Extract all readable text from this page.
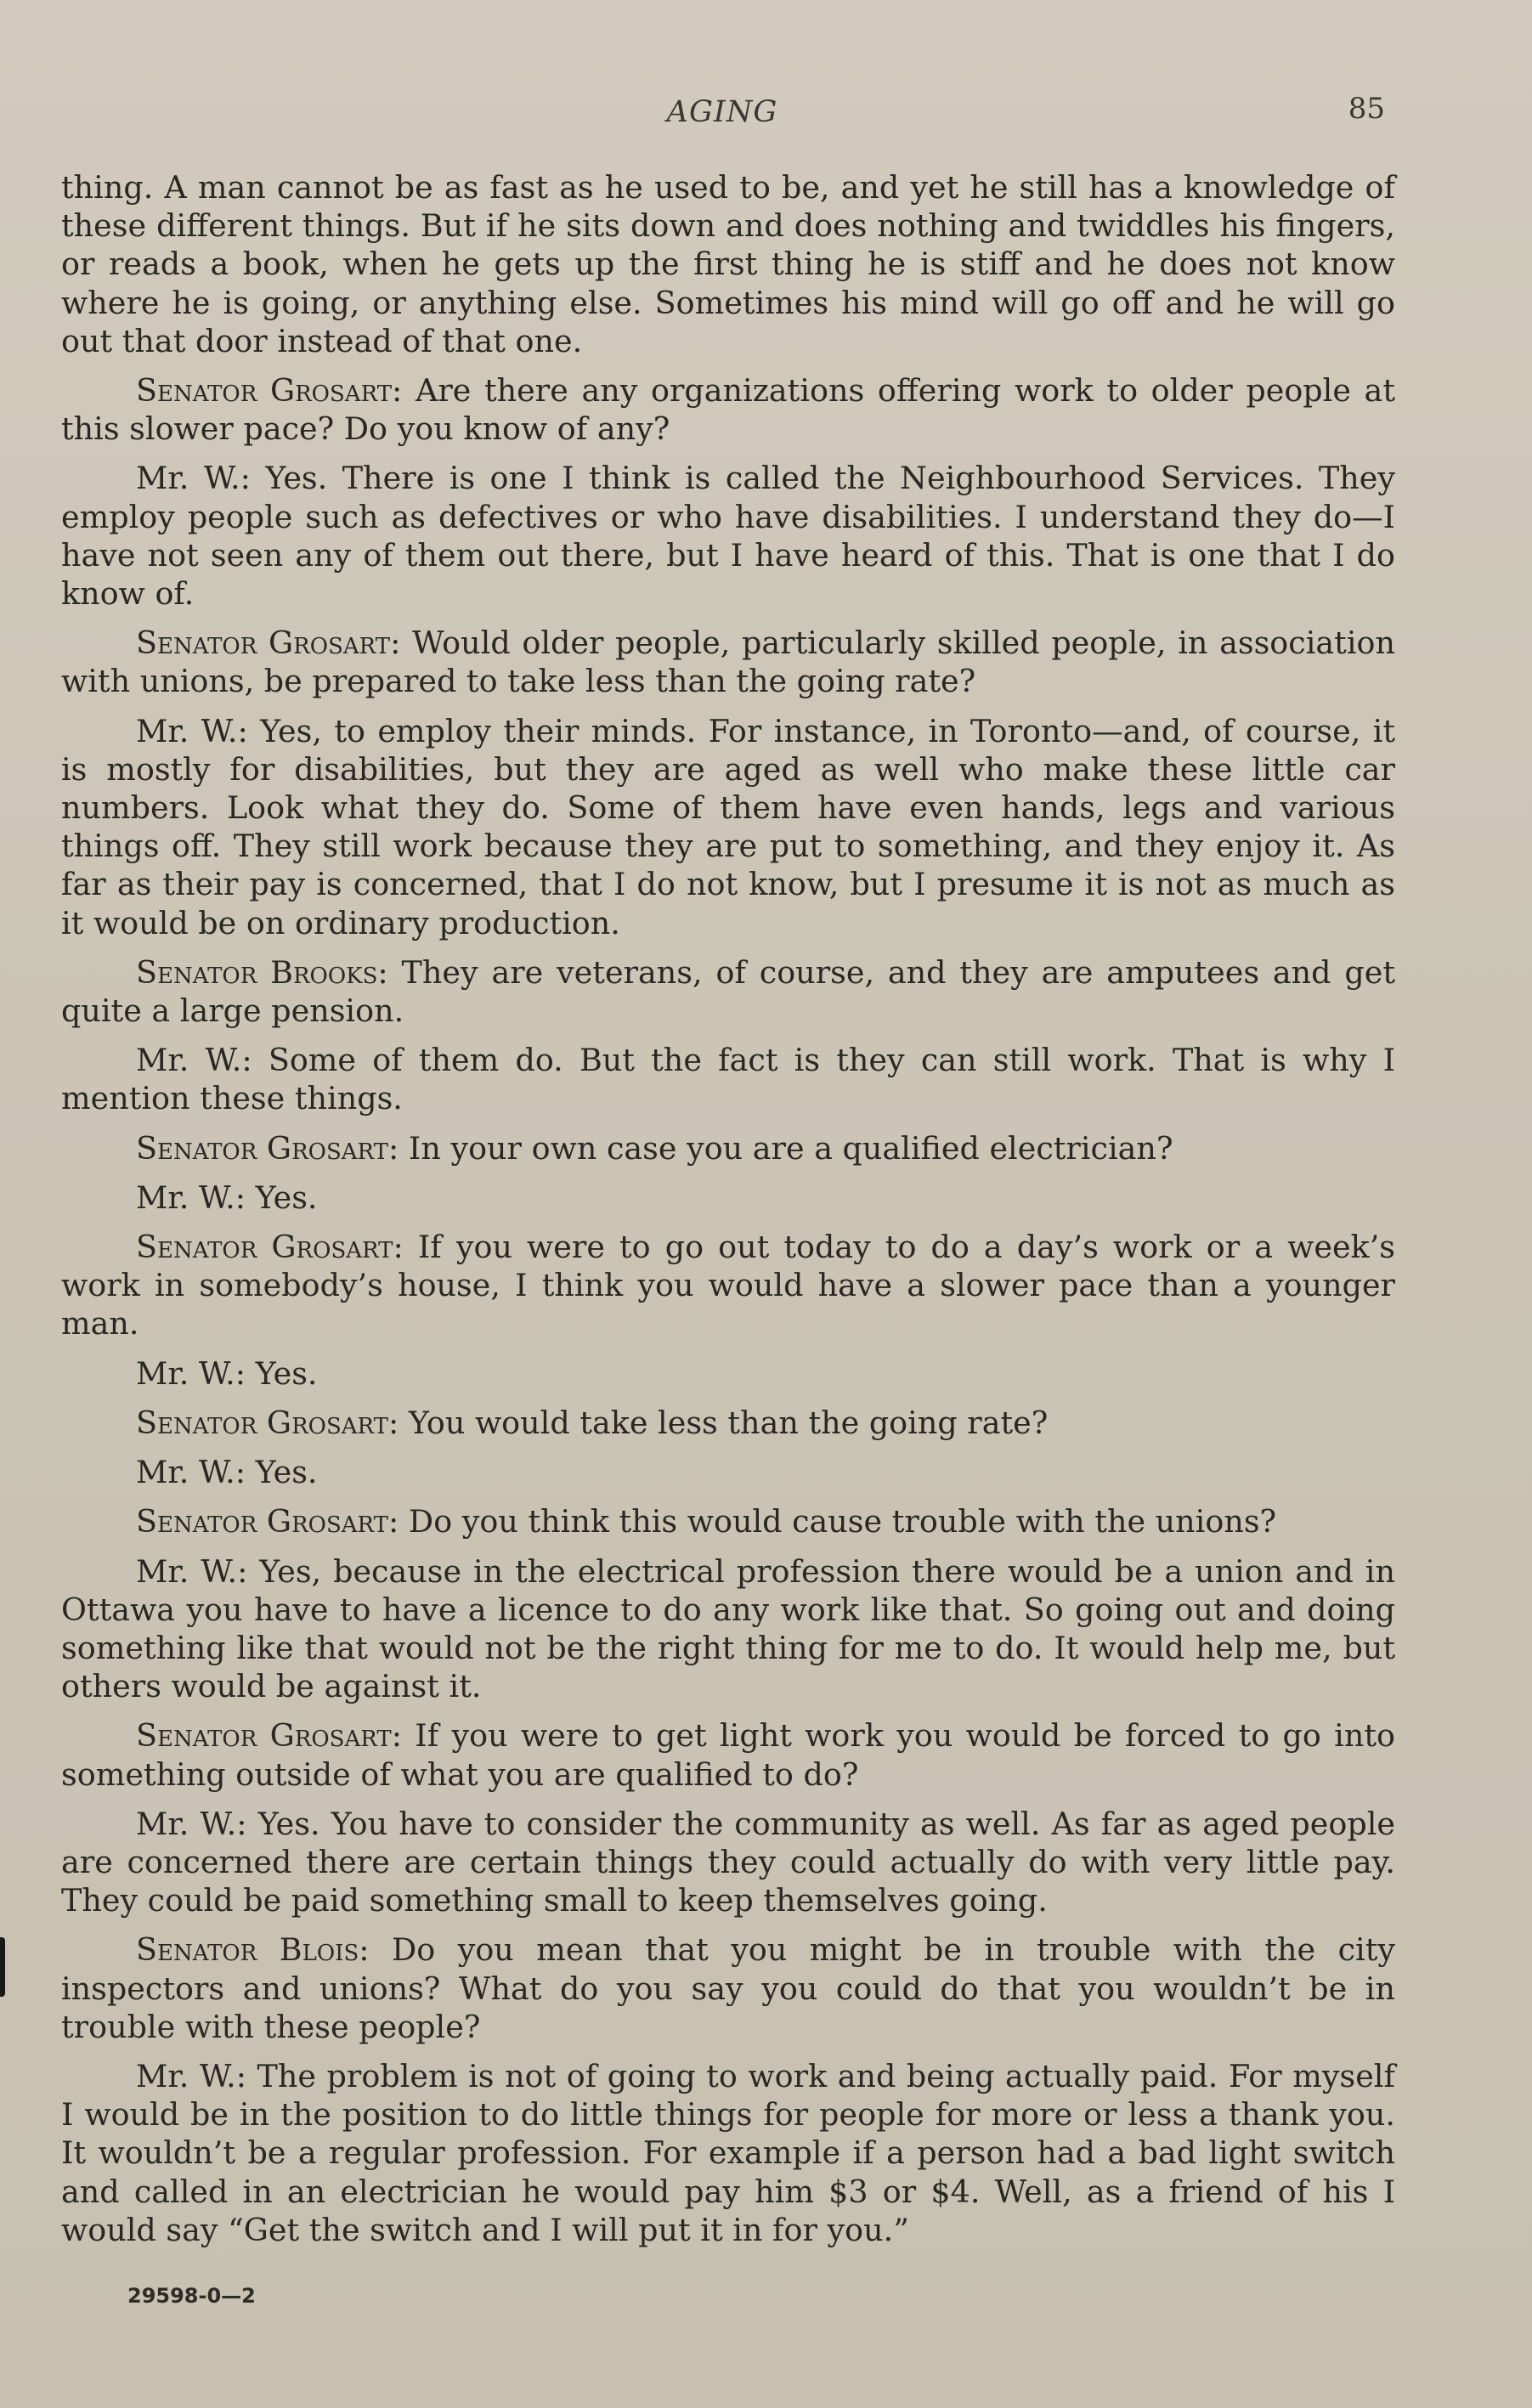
AGING	85

thing. A man cannot be as fast as he used to be, and yet he still has a knowledge of these different things. But if he sits down and does nothing and twiddles his fingers, or reads a book, when he gets up the first thing he is stiff and he does not know where he is going, or anything else. Sometimes his mind will go off and he will go out that door instead of that one.

Senator Grosart: Are there any organizations offering work to older people at this slower pace? Do you know of any?

Mr. W.: Yes. There is one I think is called the Neighbourhood Services. They employ people such as defectives or who have disabilities. I understand they do—I have not seen any of them out there, but I have heard of this. That is one that I do know of.

Senator Grosart: Would older people, particularly skilled people, in association with unions, be prepared to take less than the going rate?

Mr. W.: Yes, to employ their minds. For instance, in Toronto—and, of course, it is mostly for disabilities, but they are aged as well who make these little car numbers. Look what they do. Some of them have even hands, legs and various things off. They still work because they are put to something, and they enjoy it. As far as their pay is concerned, that I do not know, but I presume it is not as much as it would be on ordinary production.

Senator Brooks: They are veterans, of course, and they are amputees and get quite a large pension.

Mr. W.: Some of them do. But the fact is they can still work. That is why I mention these things.

Senator Grosart: In your own case you are a qualified electrician?

Mr. W.: Yes.

Senator Grosart: If you were to go out today to do a day’s work or a week’s work in somebody’s house, I think you would have a slower pace than a younger man.

Mr. W.: Yes.

Senator Grosart: You would take less than the going rate?

Mr. W.: Yes.

Senator Grosart: Do you think this would cause trouble with the unions?

Mr. W.: Yes, because in the electrical profession there would be a union and in Ottawa you have to have a licence to do any work like that. So going out and doing something like that would not be the right thing for me to do. It would help me, but others would be against it.

Senator Grosart: If you were to get light work you would be forced to go into something outside of what you are qualified to do?

Mr. W.: Yes. You have to consider the community as well. As far as aged people are concerned there are certain things they could actually do with very little pay. They could be paid something small to keep themselves going.

Senator Blois: Do you mean that you might be in trouble with the city inspectors and unions? What do you say you could do that you wouldn’t be in trouble with these people?

Mr. W.: The problem is not of going to work and being actually paid. For myself I would be in the position to do little things for people for more or less a thank you. It wouldn’t be a regular profession. For example if a person had a bad light switch and called in an electrician he would pay him $3 or $4. Well, as a friend of his I would say “Get the switch and I will put it in for you.”

29598-0—2
